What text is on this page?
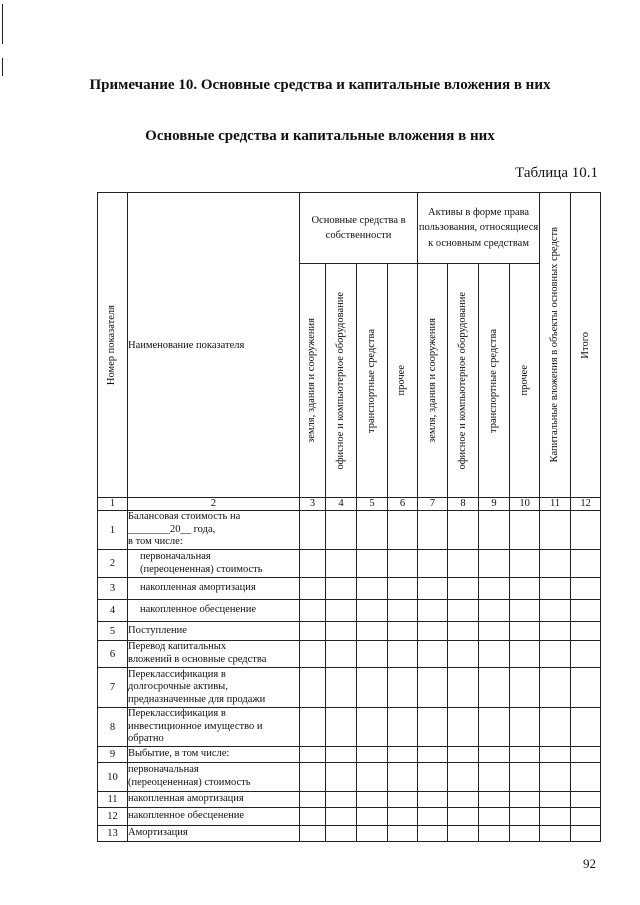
Примечание 10. Основные средства и капитальные вложения в них
Основные средства и капитальные вложения в них
Таблица 10.1
Номер показателя	Наименование показателя	Основные средства в собственности				Активы в форме права пользования, относящиеся к основным средствам				Капитальные вложения в объекты основных средств	Итого

		земля, здания и сооружения	офисное и компьютерное оборудование	транспортные средства	прочее	земля, здания и сооружения	офисное и компьютерное оборудование	транспортные средства	прочее		

1	2	3	4	5	6	7	8	9	10	11	12
1	Балансовая стоимость на
________20__ года,
в том числе:										
2	первоначальная
(переоцененная) стоимость										
3	накопленная амортизация										
4	накопленное обесценение										
5	Поступление										
6	Перевод капитальных
вложений в основные средства										
7	Переклассификация в
долгосрочные активы,
предназначенные для продажи										
8	Переклассификация в
инвестиционное имущество и
обратно										
9	Выбытие, в том числе:										
10	первоначальная
(переоцененная) стоимость										
11	накопленная амортизация										
12	накопленное обесценение										
13	Амортизация										
92
